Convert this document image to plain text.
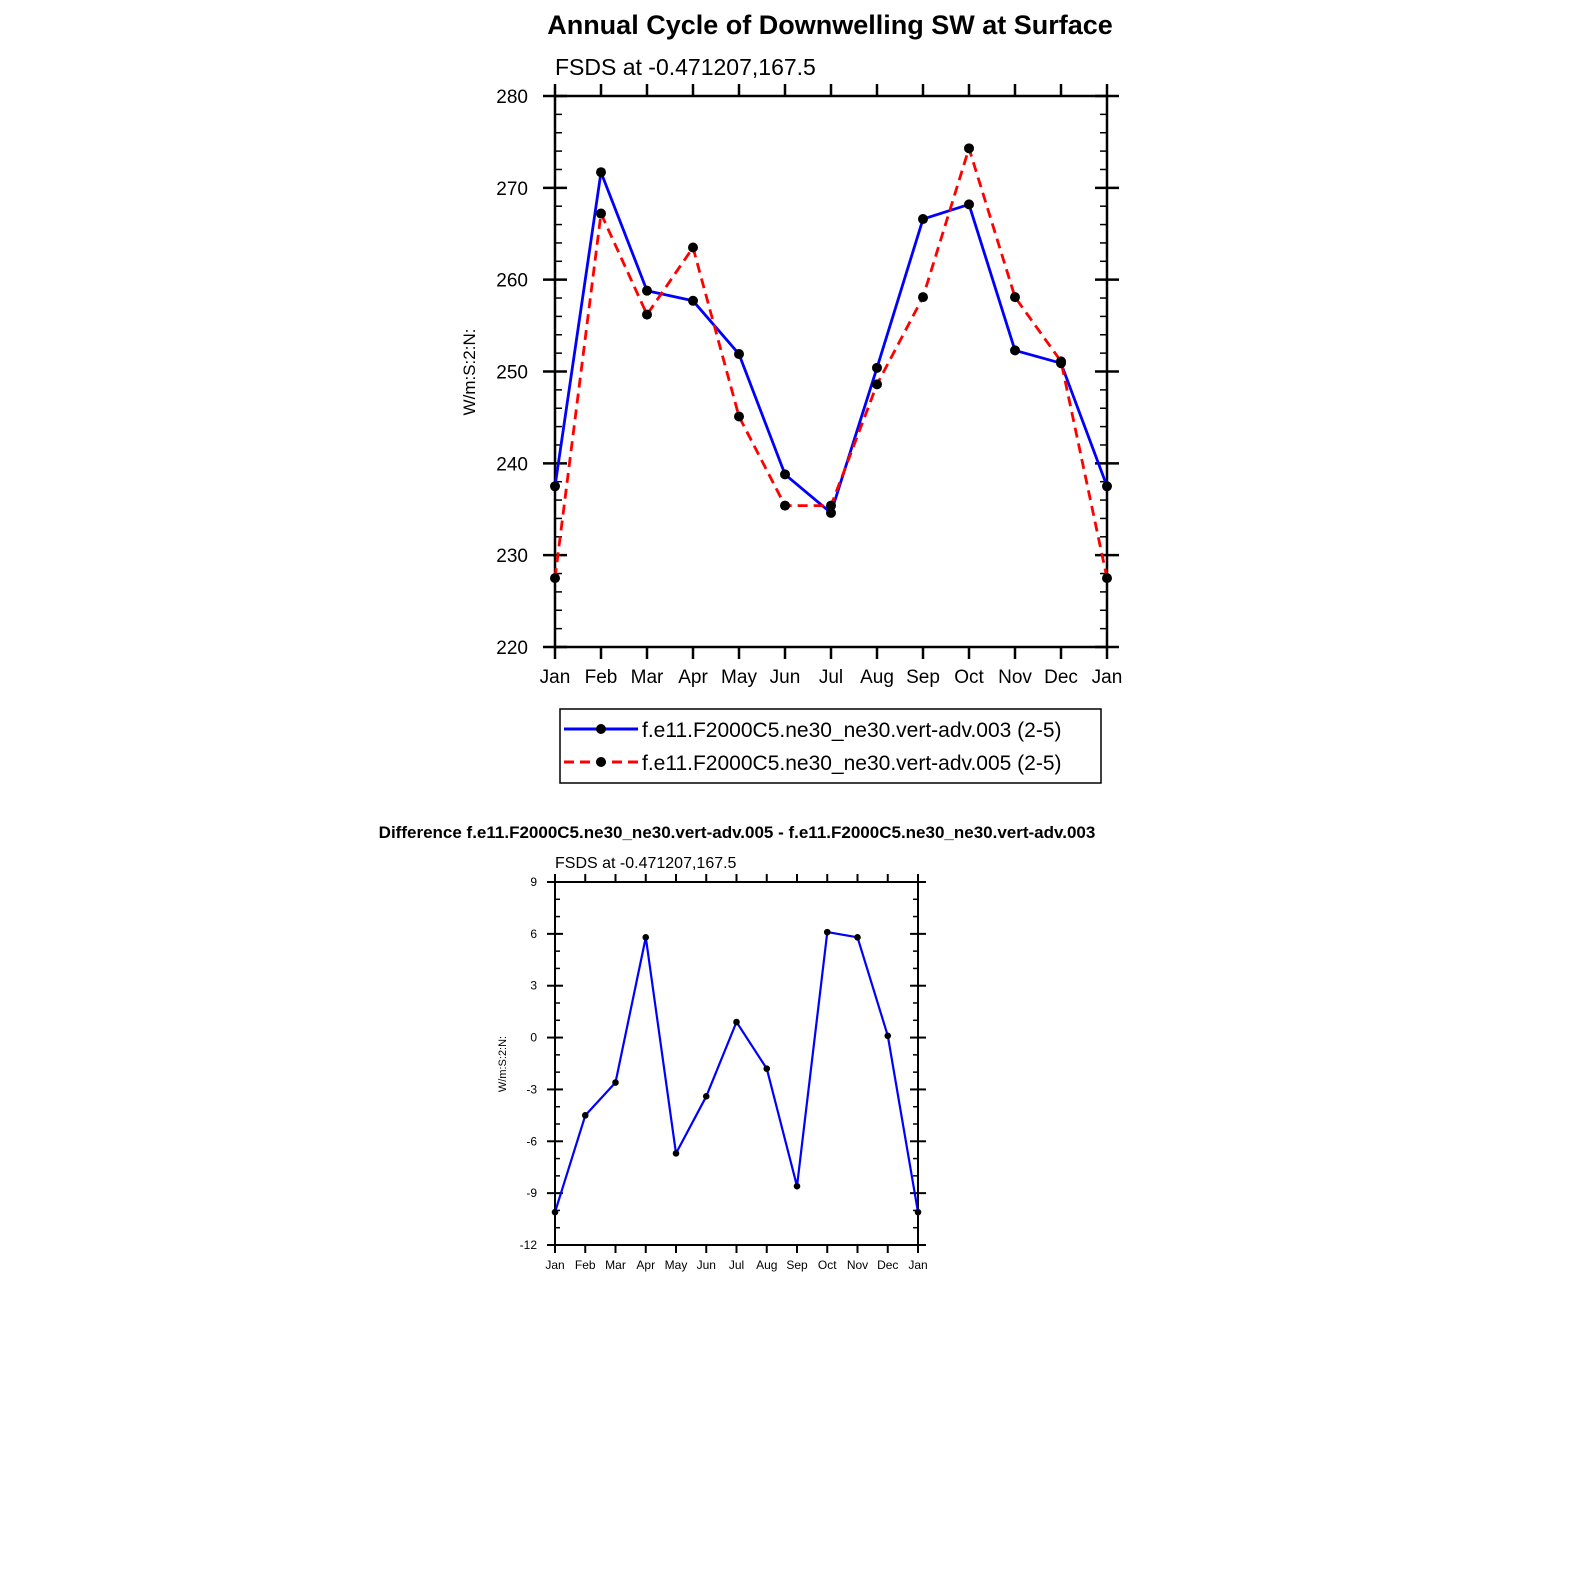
Annual Cycle of Downwelling SW at Surface
FSDS at -0.471207,167.5
W/m:S:2:N:
Jan Feb Mar Apr May Jun Jul Aug Sep Oct Nov Dec Jan
220
230
240
250
260
270
280
f.e11.F2000C5.ne30_ne30.vert-adv.003 (2-5)
f.e11.F2000C5.ne30_ne30.vert-adv.005 (2-5)
Difference f.e11.F2000C5.ne30_ne30.vert-adv.005 - f.e11.F2000C5.ne30_ne30.vert-adv.003
FSDS at -0.471207,167.5
W/m:S:2:N:
Jan Feb Mar Apr May Jun Jul Aug Sep Oct Nov Dec Jan
-12
-9
-6
-3
0
3
6
9
